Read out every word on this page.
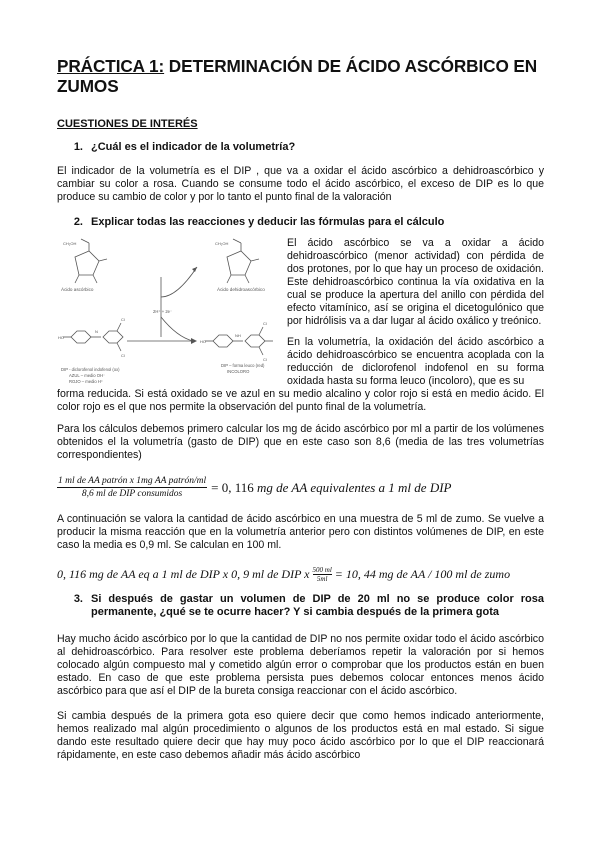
PRÁCTICA 1: DETERMINACIÓN DE ÁCIDO ASCÓRBICO EN ZUMOS
CUESTIONES DE INTERÉS
1. ¿Cuál es el indicador de la volumetría?

El indicador de la volumetría es el DIP , que va a oxidar el ácido ascórbico a dehidroascórbico y cambiar su color a rosa. Cuando se consume todo el ácido ascórbico, el exceso de DIP es lo que produce su cambio de color y por lo tanto el punto final de la valoración

2. Explicar todas las reacciones y deducir las fórmulas para el cálculo
CH₂OH
Ácido ascórbico
CH₂OH
Ácido dehidroascórbico
2H⁺ + 2e⁻
HO
N
Cl
Cl
DIP - diclorofenol indofenol (ox)
AZUL – medio OH⁻
ROJO – medio H⁺
HO
NH
Cl
Cl
DIP – forma leuco (red)
INCOLORO

El ácido ascórbico se va a oxidar a ácido dehidroascórbico (menor actividad) con pérdida de dos protones, por lo que hay un proceso de oxidación. Este dehidroascórbico continua la vía oxidativa en la cual se produce la apertura del anillo con pérdida del efecto vitamínico, así se origina el dicetogulónico que por hidrólisis va a dar lugar al ácido oxálico y treónico.

En la volumetría, la oxidación del ácido ascórbico a ácido dehidroascórbico se encuentra acoplada con la reducción de diclorofenol indofenol en su forma oxidada hasta su forma leuco (incoloro), que es su

forma reducida. Si está oxidado se ve azul en su medio alcalino y color rojo si está en medio ácido. El color rojo es el que nos permite la observación del punto final de la volumetría.

Para los cálculos debemos primero calcular los mg de ácido ascórbico por ml a partir de los volúmenes obtenidos el la volumetría (gasto de DIP) que en este caso son 8,6 (media de las tres volumetrías correspondientes)

$\frac{\text{1 ml de AA patrón x 1mg AA patrón/ml}}{\text{8,6 ml de DIP consumidos}} = 0$, 116 mg de AA equivalentes a 1 ml de DIP

A continuación se valora la cantidad de ácido ascórbico en una muestra de 5 ml de zumo. Se vuelve a producir la misma reacción que en la volumetría anterior pero con distintos volúmenes de DIP, en este caso la media es 0,9 ml. Se calculan en 100 ml.

0, 116 mg de AA eq a 1 ml de DIP x 0, 9 ml de DIP x $\frac{500 ml}{5ml} = 10$, 44 mg de AA / 100 ml de zumo
3. Si después de gastar un volumen de DIP de 20 ml no se produce color rosa permanente, ¿qué se te ocurre hacer? Y si cambia después de la primera gota

Hay mucho ácido ascórbico por lo que la cantidad de DIP no nos permite oxidar todo el ácido ascórbico al dehidroascórbico. Para resolver este problema deberíamos repetir la valoración por si hemos colocado algún compuesto mal y cometido algún error o comprobar que los productos están en buen estado. En caso de que este problema persista pues debemos colocar entonces menos ácido ascórbico para que así el DIP de la bureta consiga reaccionar con el ácido ascórbico.

Si cambia después de la primera gota eso quiere decir que como hemos indicado anteriormente, hemos realizado mal algún procedimiento o algunos de los productos está en mal estado. Si sigue dando este resultado quiere decir que hay muy poco ácido ascórbico por lo que el DIP reaccionará rápidamente, en este caso debemos añadir más ácido ascórbico
